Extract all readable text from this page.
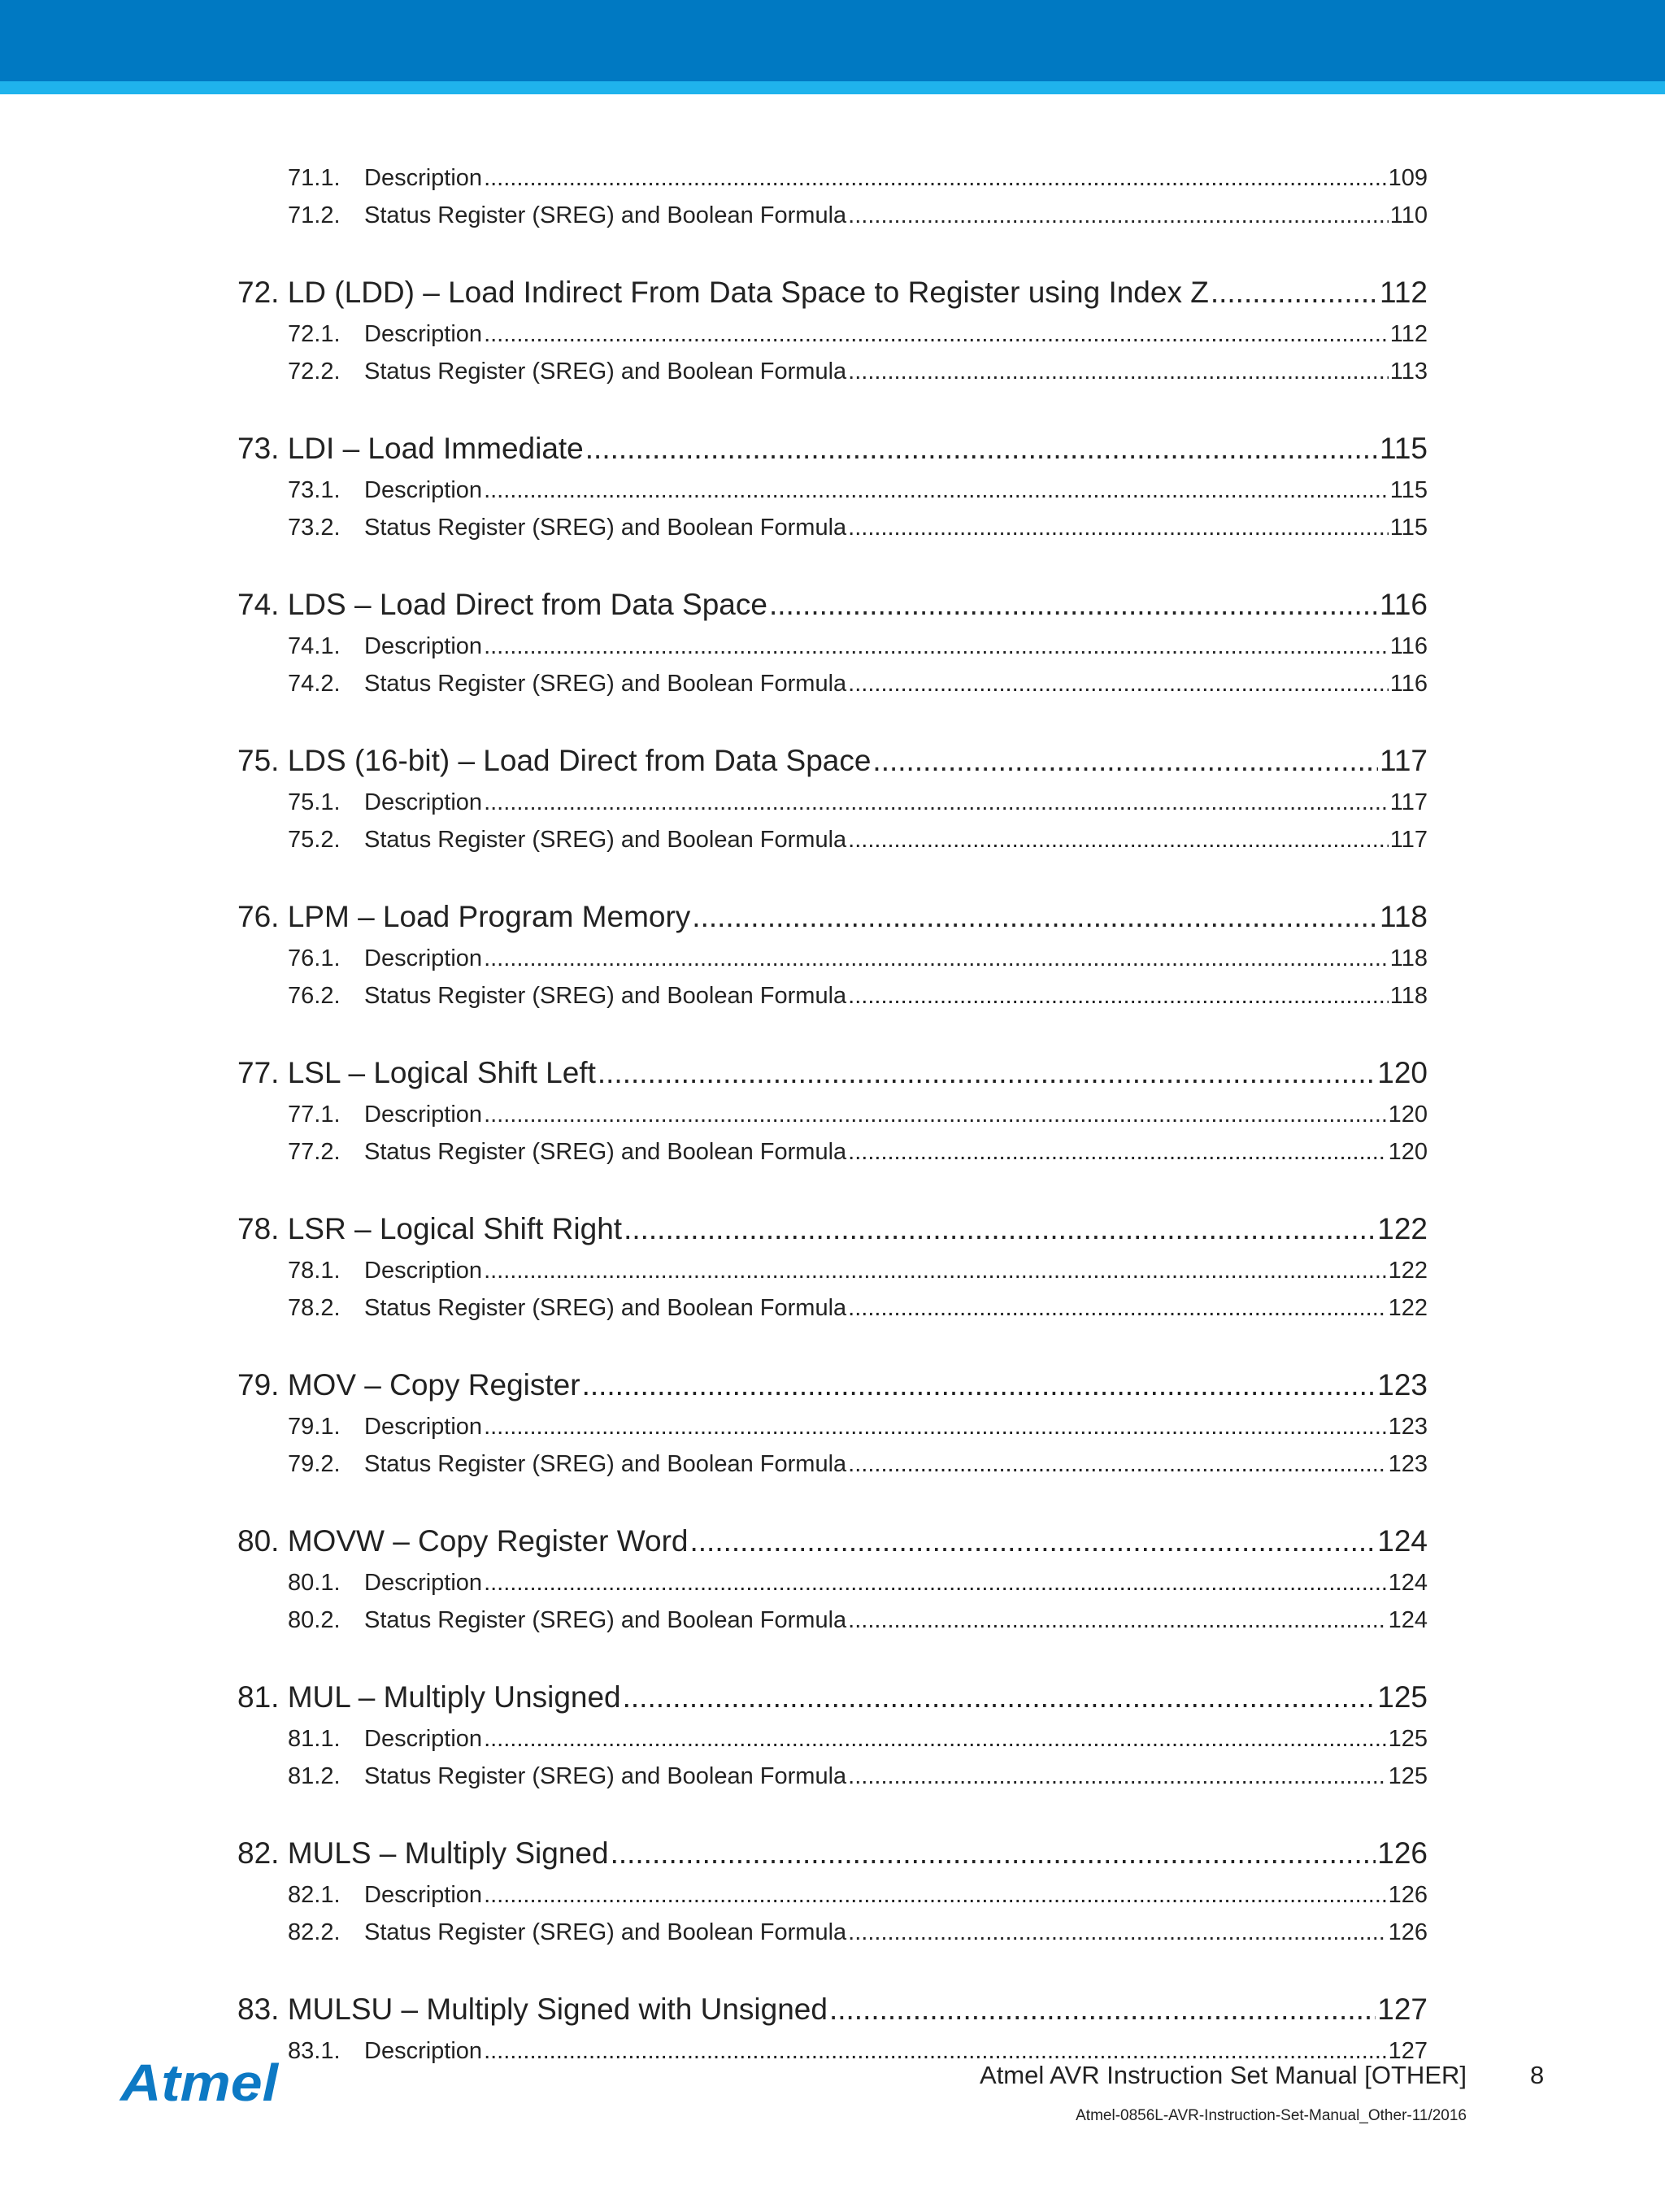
71.1.	Description .....	109
71.2.	Status Register (SREG) and Boolean Formula .....	110
72. LD (LDD) – Load Indirect From Data Space to Register using Index Z .....	112
72.1.	Description .....	112
72.2.	Status Register (SREG) and Boolean Formula .....	113
73. LDI – Load Immediate .....	115
73.1.	Description .....	115
73.2.	Status Register (SREG) and Boolean Formula .....	115
74. LDS – Load Direct from Data Space .....	116
74.1.	Description .....	116
74.2.	Status Register (SREG) and Boolean Formula .....	116
75. LDS (16-bit) – Load Direct from Data Space .....	117
75.1.	Description .....	117
75.2.	Status Register (SREG) and Boolean Formula .....	117
76. LPM – Load Program Memory .....	118
76.1.	Description .....	118
76.2.	Status Register (SREG) and Boolean Formula .....	118
77. LSL – Logical Shift Left .....	120
77.1.	Description .....	120
77.2.	Status Register (SREG) and Boolean Formula .....	120
78. LSR – Logical Shift Right .....	122
78.1.	Description .....	122
78.2.	Status Register (SREG) and Boolean Formula .....	122
79. MOV – Copy Register .....	123
79.1.	Description .....	123
79.2.	Status Register (SREG) and Boolean Formula .....	123
80. MOVW – Copy Register Word .....	124
80.1.	Description .....	124
80.2.	Status Register (SREG) and Boolean Formula .....	124
81. MUL – Multiply Unsigned .....	125
81.1.	Description .....	125
81.2.	Status Register (SREG) and Boolean Formula .....	125
82. MULS – Multiply Signed .....	126
82.1.	Description .....	126
82.2.	Status Register (SREG) and Boolean Formula .....	126
83. MULSU – Multiply Signed with Unsigned .....	127
83.1.	Description .....	127
Atmel	Atmel AVR Instruction Set Manual [OTHER]	8
Atmel-0856L-AVR-Instruction-Set-Manual_Other-11/2016
